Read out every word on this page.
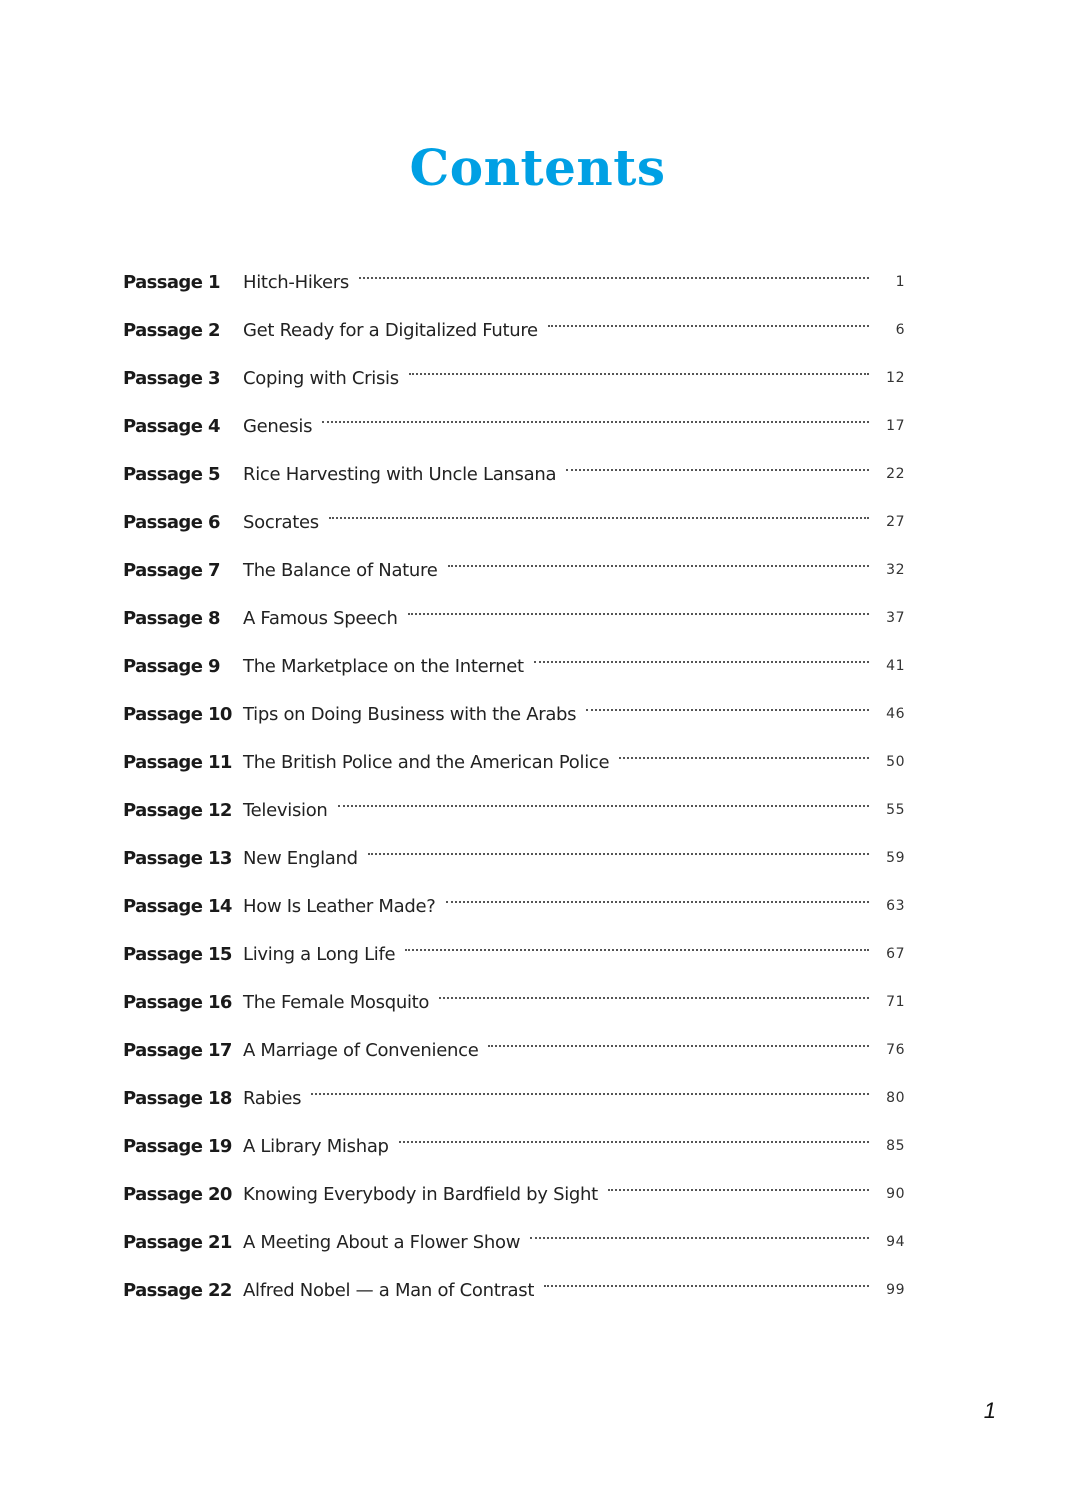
Contents
Passage 1	Hitch-Hikers	1
Passage 2	Get Ready for a Digitalized Future	6
Passage 3	Coping with Crisis	12
Passage 4	Genesis	17
Passage 5	Rice Harvesting with Uncle Lansana	22
Passage 6	Socrates	27
Passage 7	The Balance of Nature	32
Passage 8	A Famous Speech	37
Passage 9	The Marketplace on the Internet	41
Passage 10 Tips on Doing Business with the Arabs	46
Passage 11 The British Police and the American Police	50
Passage 12 Television	55
Passage 13 New England	59
Passage 14 How Is Leather Made?	63
Passage 15 Living a Long Life	67
Passage 16 The Female Mosquito	71
Passage 17 A Marriage of Convenience	76
Passage 18 Rabies	80
Passage 19 A Library Mishap	85
Passage 20 Knowing Everybody in Bardfield by Sight	90
Passage 21 A Meeting About a Flower Show	94
Passage 22 Alfred Nobel — a Man of Contrast	99
1
